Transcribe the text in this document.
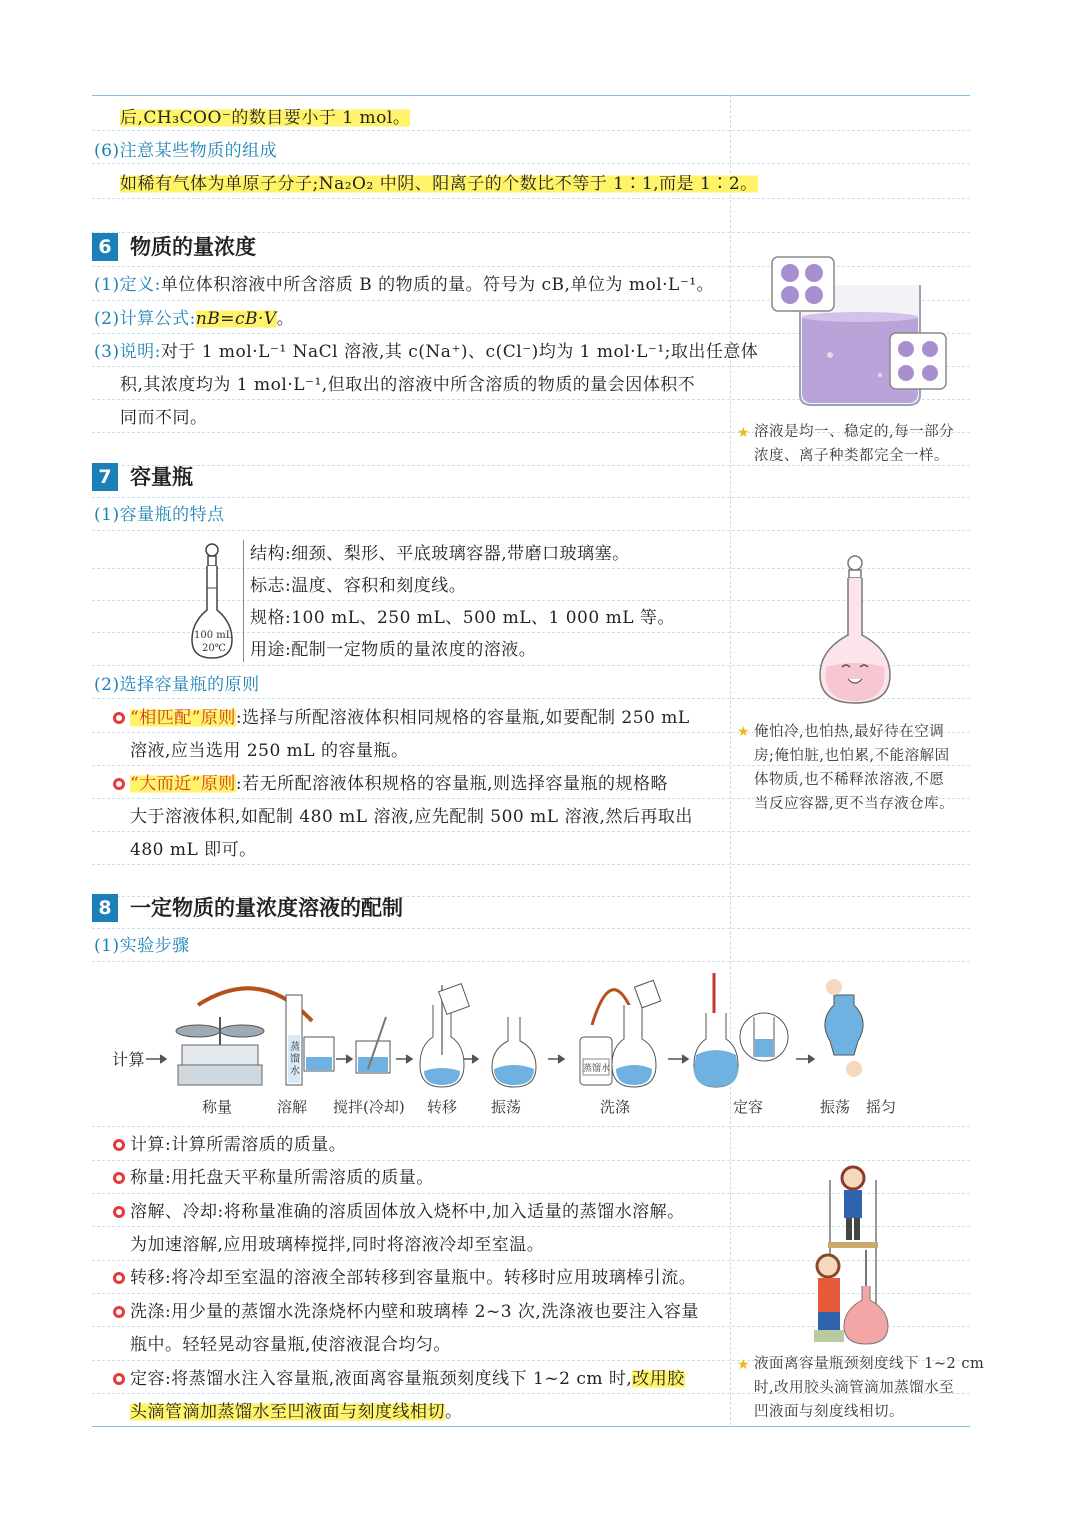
后,CH₃COO⁻的数目要小于 1 mol。
(6)注意某些物质的组成
如稀有气体为单原子分子;Na₂O₂ 中阴、阳离子的个数比不等于 1∶1,而是 1∶2。
6 物质的量浓度
(1)定义:单位体积溶液中所含溶质 B 的物质的量。符号为 cB,单位为 mol·L⁻¹。
(2)计算公式:nB=cB·V。
(3)说明:对于 1 mol·L⁻¹ NaCl 溶液,其 c(Na⁺)、c(Cl⁻)均为 1 mol·L⁻¹;取出任意体
积,其浓度均为 1 mol·L⁻¹,但取出的溶液中所含溶质的物质的量会因体积不
同而不同。
★ 溶液是均一、稳定的,每一部分
浓度、离子种类都完全一样。
7 容量瓶
(1)容量瓶的特点
100 mL
20℃
结构:细颈、梨形、平底玻璃容器,带磨口玻璃塞。
标志:温度、容积和刻度线。
规格:100 mL、250 mL、500 mL、1 000 mL 等。
用途:配制一定物质的量浓度的溶液。
(2)选择容量瓶的原则
“相匹配”原则:选择与所配溶液体积相同规格的容量瓶,如要配制 250 mL
溶液,应当选用 250 mL 的容量瓶。
“大而近”原则:若无所配溶液体积规格的容量瓶,则选择容量瓶的规格略
大于溶液体积,如配制 480 mL 溶液,应先配制 500 mL 溶液,然后再取出
480 mL 即可。
★ 俺怕冷,也怕热,最好待在空调
房;俺怕脏,也怕累,不能溶解固
体物质,也不稀释浓溶液,不愿
当反应容器,更不当存液仓库。
8 一定物质的量浓度溶液的配制
(1)实验步骤
计算
蒸
馏
水	蒸馏水
称量	溶解 搅拌(冷却) 转移 振荡	洗涤	定容	振荡 摇匀
计算:计算所需溶质的质量。
称量:用托盘天平称量所需溶质的质量。
溶解、冷却:将称量准确的溶质固体放入烧杯中,加入适量的蒸馏水溶解。
为加速溶解,应用玻璃棒搅拌,同时将溶液冷却至室温。
转移:将冷却至室温的溶液全部转移到容量瓶中。转移时应用玻璃棒引流。
洗涤:用少量的蒸馏水洗涤烧杯内壁和玻璃棒 2~3 次,洗涤液也要注入容量
瓶中。轻轻晃动容量瓶,使溶液混合均匀。
定容:将蒸馏水注入容量瓶,液面离容量瓶颈刻度线下 1~2 cm 时,改用胶
头滴管滴加蒸馏水至凹液面与刻度线相切。
★ 液面离容量瓶颈刻度线下 1~2 cm
时,改用胶头滴管滴加蒸馏水至
凹液面与刻度线相切。
